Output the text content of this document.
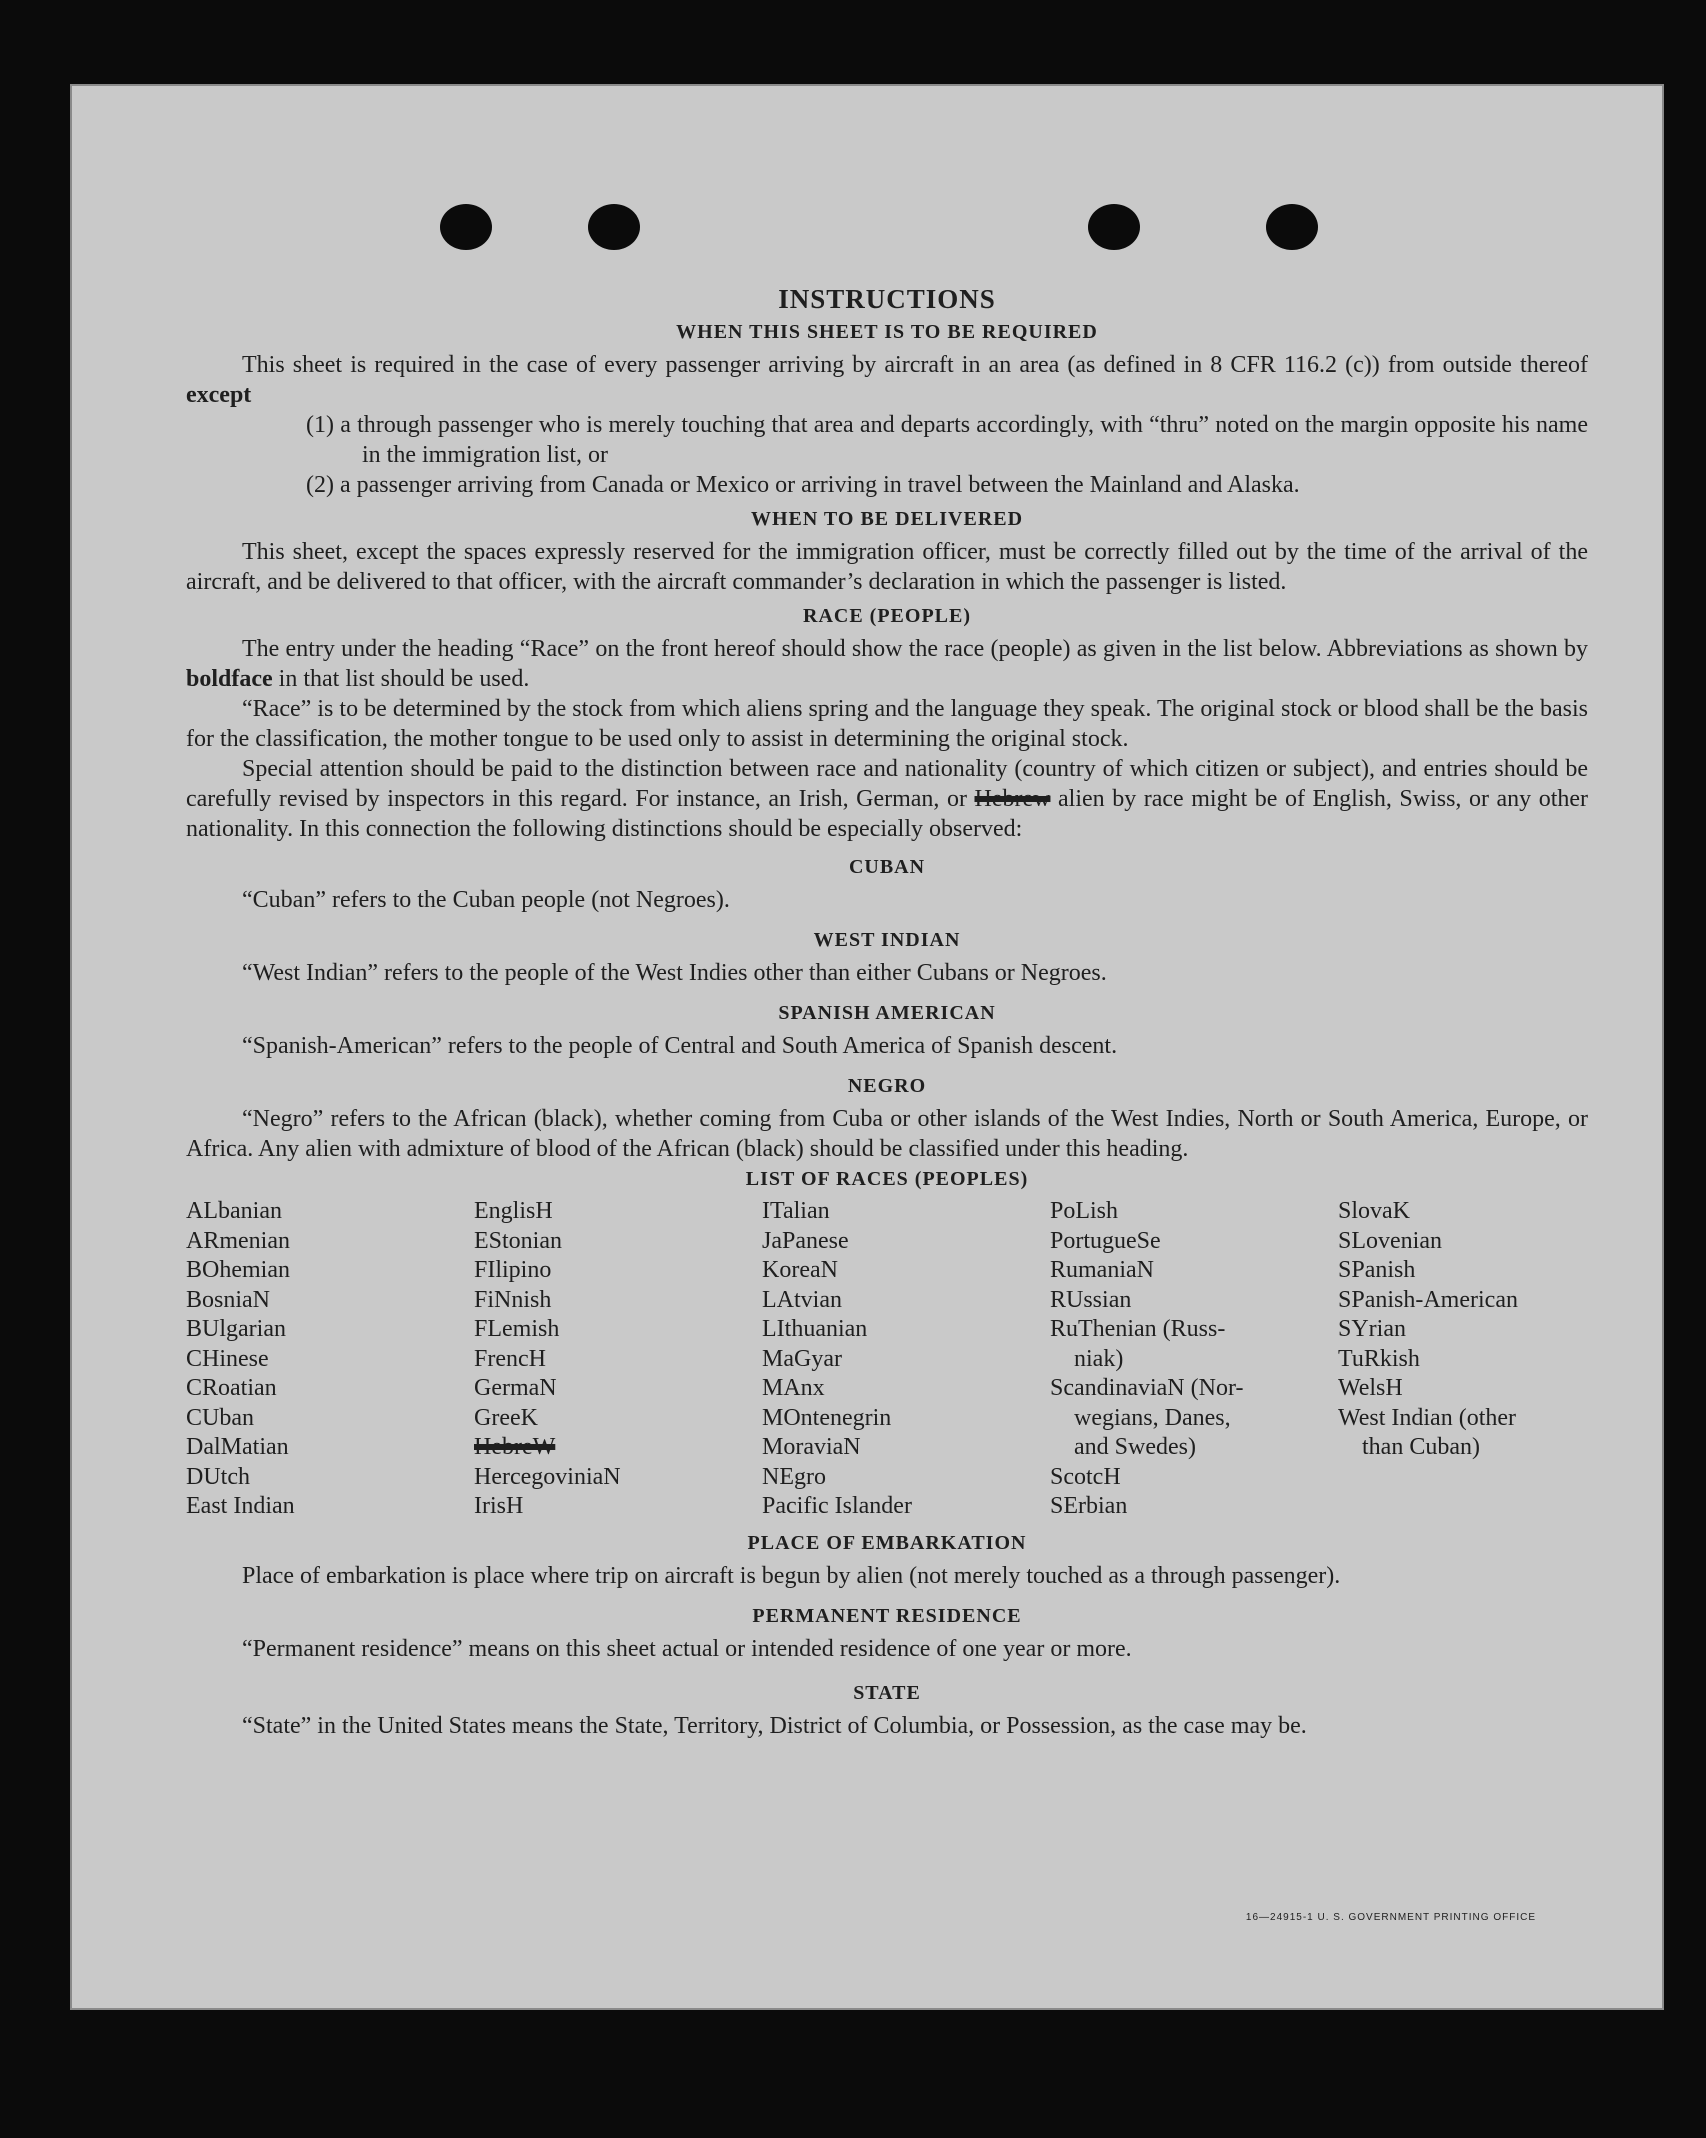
INSTRUCTIONS
WHEN THIS SHEET IS TO BE REQUIRED

This sheet is required in the case of every passenger arriving by aircraft in an area (as defined in 8 CFR 116.2 (c)) from outside thereof except

(1) a through passenger who is merely touching that area and departs accordingly, with “thru” noted on the margin opposite his name in the immigration list, or

(2) a passenger arriving from Canada or Mexico or arriving in travel between the Mainland and Alaska.

WHEN TO BE DELIVERED

This sheet, except the spaces expressly reserved for the immigration officer, must be correctly filled out by the time of the arrival of the aircraft, and be delivered to that officer, with the aircraft commander’s declaration in which the passenger is listed.

RACE (PEOPLE)

The entry under the heading “Race” on the front hereof should show the race (people) as given in the list below. Abbreviations as shown by boldface in that list should be used.

“Race” is to be determined by the stock from which aliens spring and the language they speak. The original stock or blood shall be the basis for the classification, the mother tongue to be used only to assist in determining the original stock.

Special attention should be paid to the distinction between race and nationality (country of which citizen or subject), and entries should be carefully revised by inspectors in this regard. For instance, an Irish, German, or Hebrew alien by race might be of English, Swiss, or any other nationality. In this connection the following distinctions should be especially observed:

CUBAN

“Cuban” refers to the Cuban people (not Negroes).

WEST INDIAN

“West Indian” refers to the people of the West Indies other than either Cubans or Negroes.

SPANISH AMERICAN

“Spanish-American” refers to the people of Central and South America of Spanish descent.

NEGRO

“Negro” refers to the African (black), whether coming from Cuba or other islands of the West Indies, North or South America, Europe, or Africa. Any alien with admixture of blood of the African (black) should be classified under this heading.

LIST OF RACES (PEOPLES)
ALbanian
ARmenian
BOhemian
BosniaN
BUlgarian
CHinese
CRoatian
CUban
DalMatian
DUtch
East Indian
EnglisH
EStonian
FIlipino
FiNnish
FLemish
FrencH
GermaN
GreeK
HebreW
HercegoviniaN
IrisH
ITalian
JaPanese
KoreaN
LAtvian
LIthuanian
MaGyar
MAnx
MOntenegrin
MoraviaN
NEgro
Pacific Islander
PoLish
PortugueSe
RumaniaN
RUssian
RuThenian (Russ-
niak)
ScandinaviaN (Nor-
wegians, Danes,
and Swedes)
ScotcH
SErbian
SlovaK
SLovenian
SPanish
SPanish-American
SYrian
TuRkish
WelsH
West Indian (other
than Cuban)
PLACE OF EMBARKATION

Place of embarkation is place where trip on aircraft is begun by alien (not merely touched as a through passenger).

PERMANENT RESIDENCE

“Permanent residence” means on this sheet actual or intended residence of one year or more.

STATE

“State” in the United States means the State, Territory, District of Columbia, or Possession, as the case may be.

16—24915-1 U. S. GOVERNMENT PRINTING OFFICE
